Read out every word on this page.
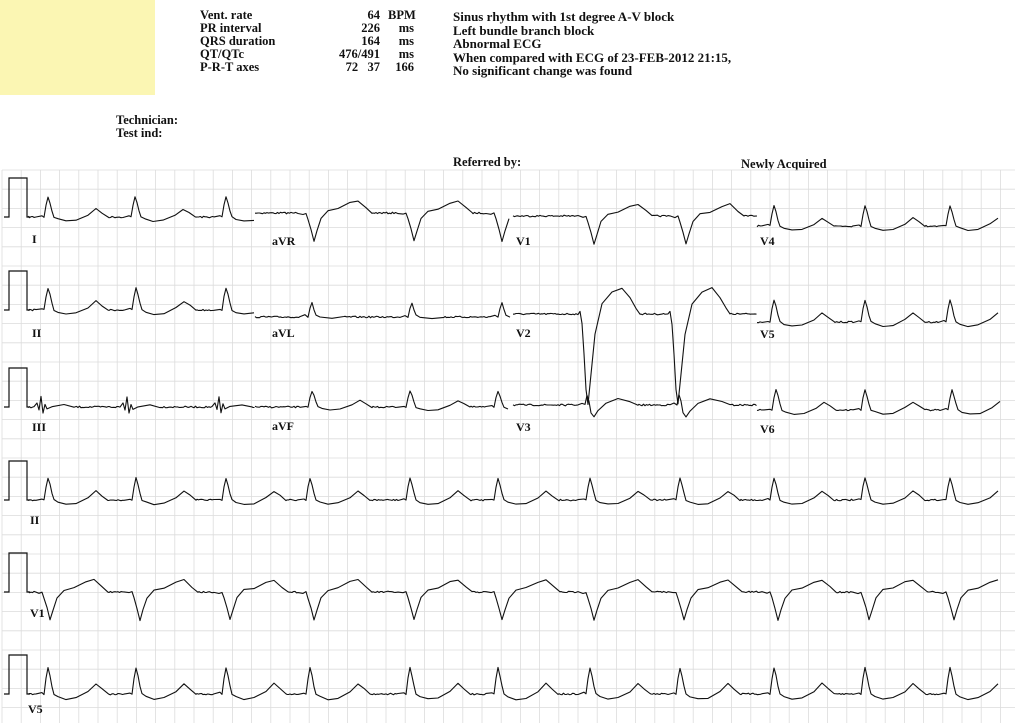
Vent. rate	64 BPM
PR interval	226	ms
QRS duration	164	ms
QT/QTc	476/491	ms
P-R-T axes	72   37	166
Sinus rhythm with 1st degree A-V block
Left bundle branch block
Abnormal ECG
When compared with ECG of 23-FEB-2012 21:15,
No significant change was found
Technician:
Test ind:
Referred by:	Newly Acquired
I	aVR	V1	V4
II	aVL	V2	V5
III	aVF	V3	V6
II
V1
V5
